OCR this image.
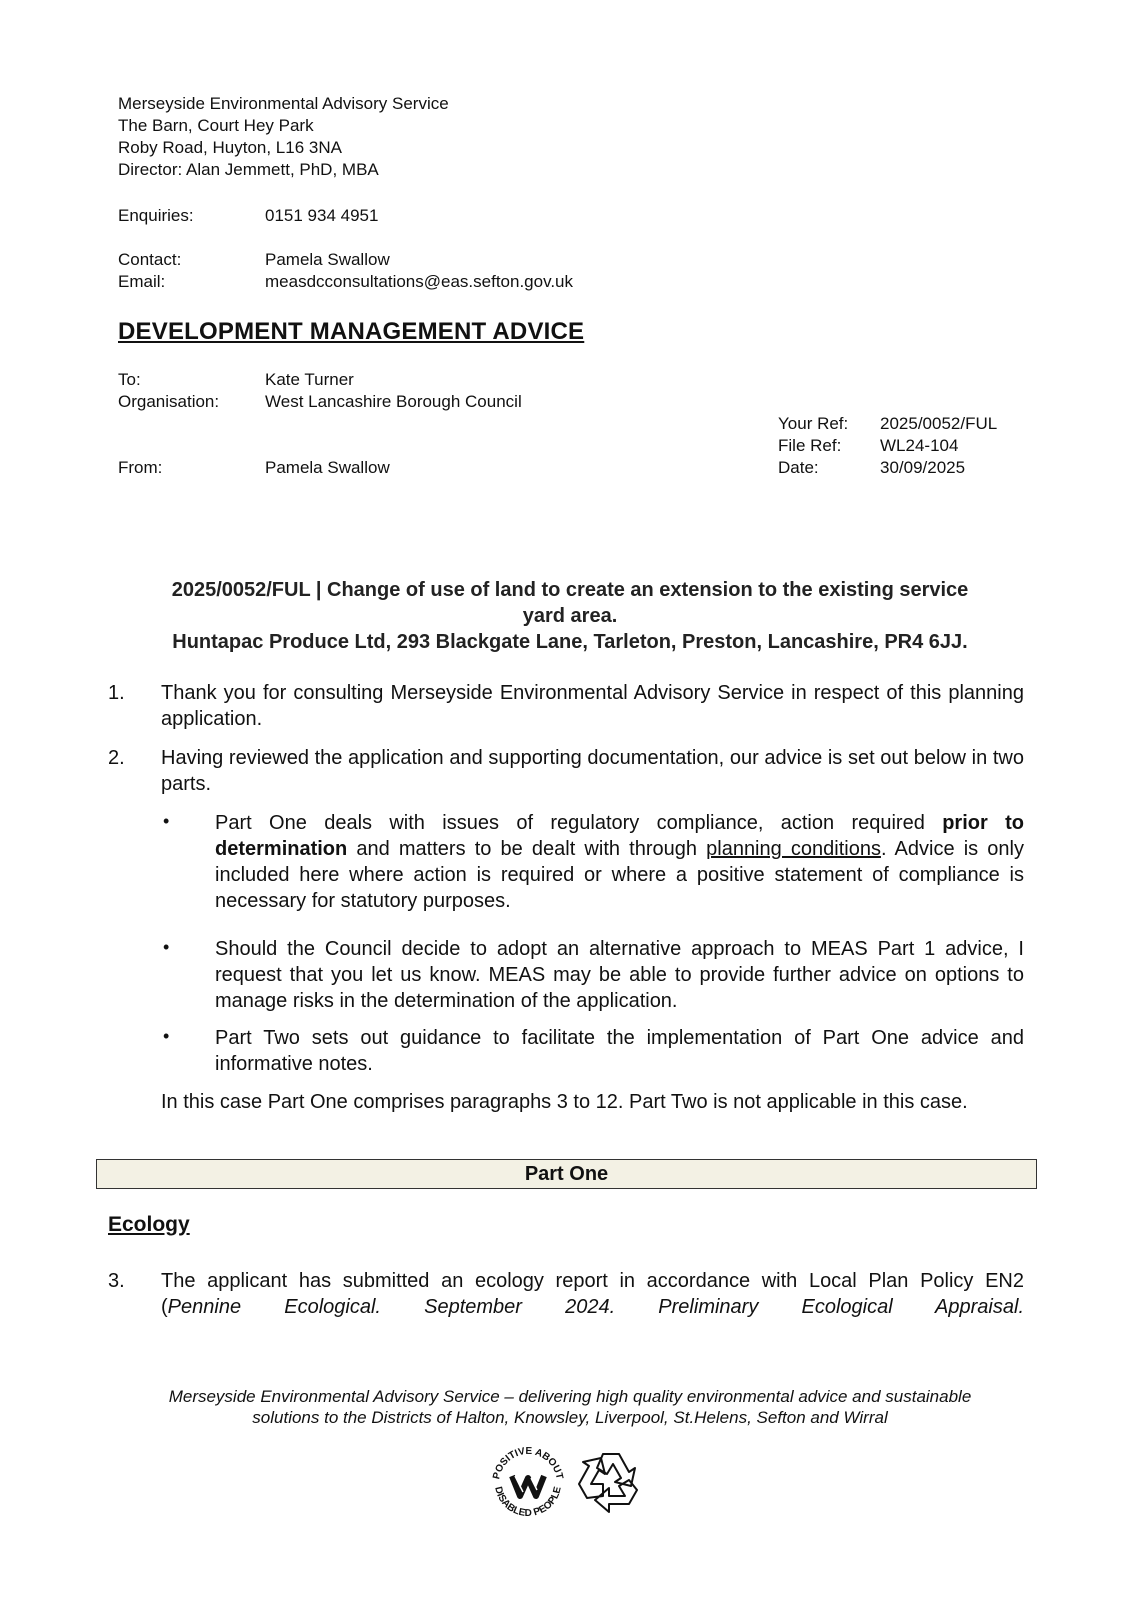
Merseyside Environmental Advisory Service
The Barn, Court Hey Park
Roby Road, Huyton, L16 3NA
Director: Alan Jemmett, PhD, MBA
Enquiries:	0151 934 4951
Contact:	Pamela Swallow
Email:	measdcconsultations@eas.sefton.gov.uk
DEVELOPMENT MANAGEMENT ADVICE
To:	Kate Turner
Organisation:	West Lancashire Borough Council
Your Ref: 2025/0052/FUL
File Ref: WL24-104
Date:	30/09/2025
From:	Pamela Swallow
2025/0052/FUL | Change of use of land to create an extension to the existing service
yard area.
Huntapac Produce Ltd, 293 Blackgate Lane, Tarleton, Preston, Lancashire, PR4 6JJ.
1. Thank you for consulting Merseyside Environmental Advisory Service in respect of this planning application.
2. Having reviewed the application and supporting documentation, our advice is set out below in two parts.
• Part One deals with issues of regulatory compliance, action required prior to determination and matters to be dealt with through planning conditions. Advice is only included here where action is required or where a positive statement of compliance is necessary for statutory purposes.
• Should the Council decide to adopt an alternative approach to MEAS Part 1 advice, I request that you let us know. MEAS may be able to provide further advice on options to manage risks in the determination of the application.
• Part Two sets out guidance to facilitate the implementation of Part One advice and informative notes.
In this case Part One comprises paragraphs 3 to 12. Part Two is not applicable in this case.
Part One
Ecology
3. The applicant has submitted an ecology report in accordance with Local Plan Policy EN2 (Pennine Ecological. September 2024. Preliminary Ecological Appraisal.
Merseyside Environmental Advisory Service – delivering high quality environmental advice and sustainable
solutions to the Districts of Halton, Knowsley, Liverpool, St.Helens, Sefton and Wirral
POSITIVE ABOUT
DISABLED PEOPLE
